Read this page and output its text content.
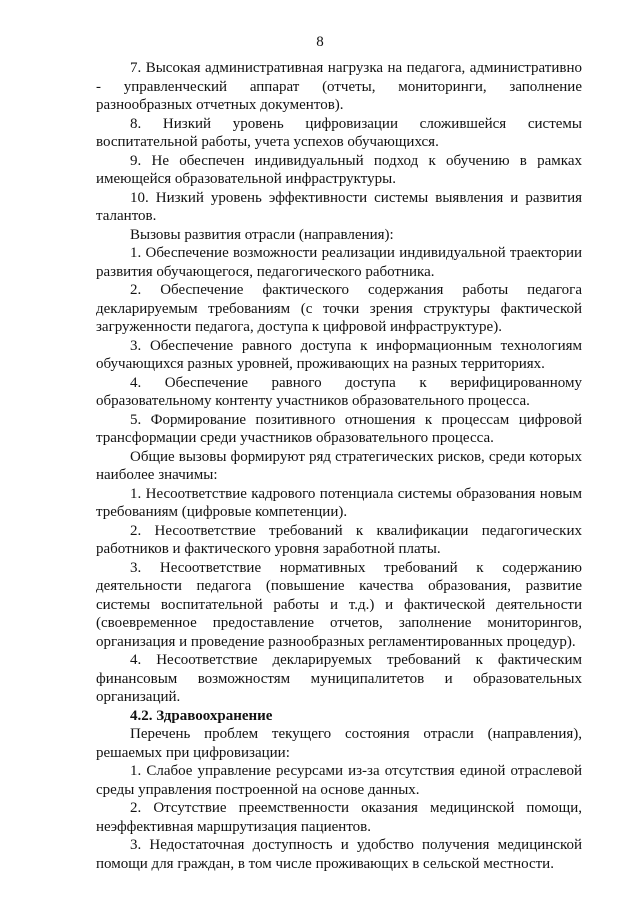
8

7. Высокая административная нагрузка на педагога, административно - управленческий аппарат (отчеты, мониторинги, заполнение разнообразных отчетных документов).

8. Низкий уровень цифровизации сложившейся системы воспитательной работы, учета успехов обучающихся.

9. Не обеспечен индивидуальный подход к обучению в рамках имеющейся образовательной инфраструктуры.

10. Низкий уровень эффективности системы выявления и развития талантов.

Вызовы развития отрасли (направления):

1. Обеспечение возможности реализации индивидуальной траектории развития обучающегося, педагогического работника.

2. Обеспечение фактического содержания работы педагога декларируемым требованиям (с точки зрения структуры фактической загруженности педагога, доступа к цифровой инфраструктуре).

3. Обеспечение равного доступа к информационным технологиям обучающихся разных уровней, проживающих на разных территориях.

4. Обеспечение равного доступа к верифицированному образовательному контенту участников образовательного процесса.

5. Формирование позитивного отношения к процессам цифровой трансформации среди участников образовательного процесса.

Общие вызовы формируют ряд стратегических рисков, среди которых наиболее значимы:

1. Несоответствие кадрового потенциала системы образования новым требованиям (цифровые компетенции).

2. Несоответствие требований к квалификации педагогических работников и фактического уровня заработной платы.

3. Несоответствие нормативных требований к содержанию деятельности педагога (повышение качества образования, развитие системы воспитательной работы и т.д.) и фактической деятельности (своевременное предоставление отчетов, заполнение мониторингов, организация и проведение разнообразных регламентированных процедур).

4. Несоответствие декларируемых требований к фактическим финансовым возможностям муниципалитетов и образовательных организаций.

4.2. Здравоохранение

Перечень проблем текущего состояния отрасли (направления), решаемых при цифровизации:

1. Слабое управление ресурсами из-за отсутствия единой отраслевой среды управления построенной на основе данных.

2. Отсутствие преемственности оказания медицинской помощи, неэффективная маршрутизация пациентов.

3. Недостаточная доступность и удобство получения медицинской помощи для граждан, в том числе проживающих в сельской местности.
